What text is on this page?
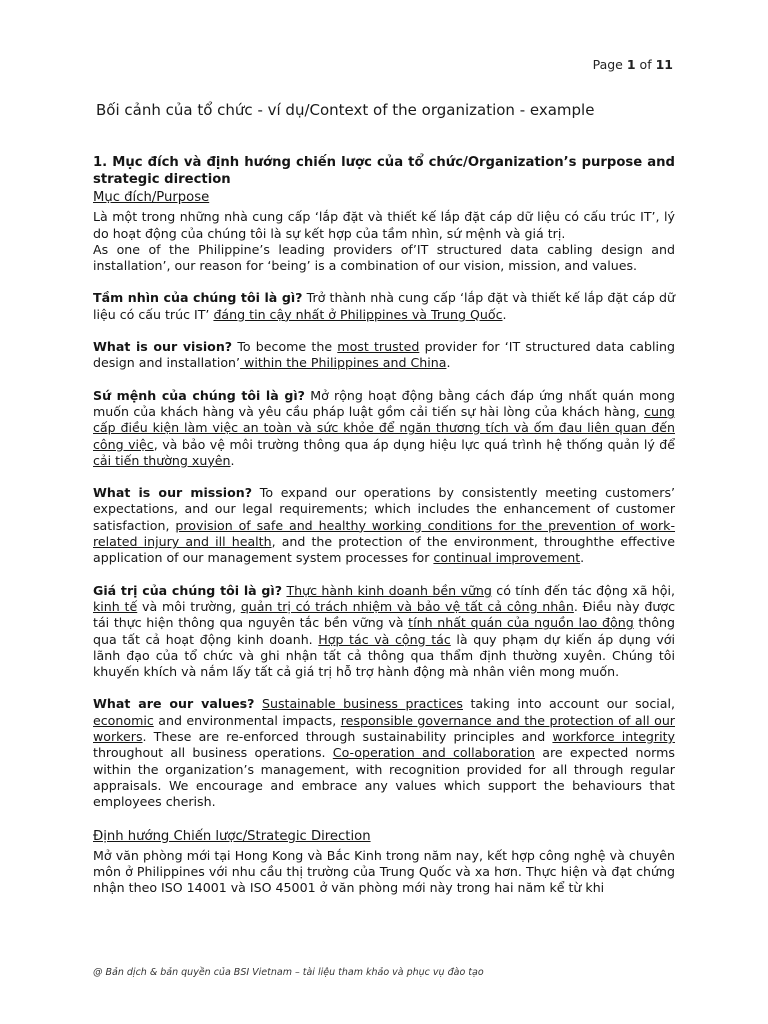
Page 1 of 11
Bối cảnh của tổ chức - ví dụ/Context of the organization - example

1. Mục đích và định hướng chiến lược của tổ chức/Organization’s purpose and strategic direction

Mục đích/Purpose

Là một trong những nhà cung cấp ‘lắp đặt và thiết kế lắp đặt cáp dữ liệu có cấu trúc IT’, lý do hoạt động của chúng tôi là sự kết hợp của tầm nhìn, sứ mệnh và giá trị.

As one of the Philippine’s leading providers of’IT structured data cabling design and installation’, our reason for ‘being’ is a combination of our vision, mission, and values.

Tầm nhìn của chúng tôi là gì? Trở thành nhà cung cấp ‘lắp đặt và thiết kế lắp đặt cáp dữ liệu có cấu trúc IT’ đáng tin cậy nhất ở Philippines và Trung Quốc.

What is our vision? To become the most trusted provider for ‘IT structured data cabling design and installation’ within the Philippines and China.

Sứ mệnh của chúng tôi là gì? Mở rộng hoạt động bằng cách đáp ứng nhất quán mong muốn của khách hàng và yêu cầu pháp luật gồm cải tiến sự hài lòng của khách hàng, cung cấp điều kiện làm việc an toàn và sức khỏe để ngăn thương tích và ốm đau liên quan đến công việc, và bảo vệ môi trường thông qua áp dụng hiệu lực quá trình hệ thống quản lý để cải tiến thường xuyên.

What is our mission? To expand our operations by consistently meeting customers’ expectations, and our legal requirements; which includes the enhancement of customer satisfaction, provision of safe and healthy working conditions for the prevention of work-related injury and ill health, and the protection of the environment, throughthe effective application of our management system processes for continual improvement.

Giá trị của chúng tôi là gì? Thực hành kinh doanh bền vững có tính đến tác động xã hội, kinh tế và môi trường, quản trị có trách nhiệm và bảo vệ tất cả công nhân. Điều này được tái thực hiện thông qua nguyên tắc bền vững và tính nhất quán của nguồn lao động thông qua tất cả hoạt động kinh doanh. Hợp tác và cộng tác là quy phạm dự kiến áp dụng với lãnh đạo của tổ chức và ghi nhận tất cả thông qua thẩm định thường xuyên. Chúng tôi khuyến khích và nắm lấy tất cả giá trị hỗ trợ hành động mà nhân viên mong muốn.

What are our values? Sustainable business practices taking into account our social, economic and environmental impacts, responsible governance and the protection of all our workers. These are re-enforced through sustainability principles and workforce integrity throughout all business operations. Co-operation and collaboration are expected norms within the organization’s management, with recognition provided for all through regular appraisals. We encourage and embrace any values which support the behaviours that employees cherish.

Định hướng Chiến lược/Strategic Direction

Mở văn phòng mới tại Hong Kong và Bắc Kinh trong năm nay, kết hợp công nghệ và chuyên môn ở Philippines với nhu cầu thị trường của Trung Quốc và xa hơn. Thực hiện và đạt chứng nhận theo ISO 14001 và ISO 45001 ở văn phòng mới này trong hai năm kể từ khi

@ Bản dịch & bản quyền của BSI Vietnam – tài liệu tham khảo và phục vụ đào tạo
